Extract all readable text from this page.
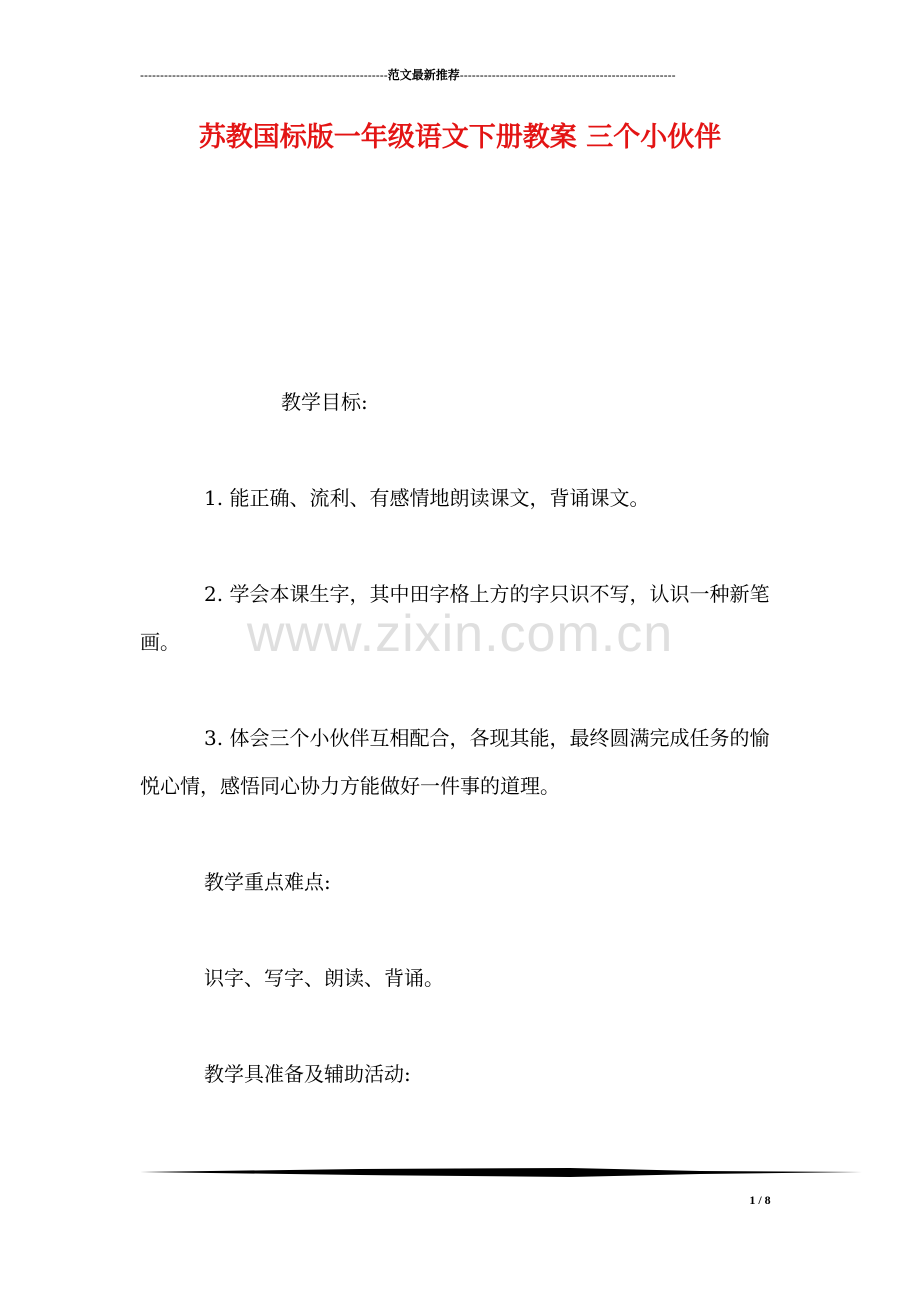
--------------------------------------------------------------范文最新推荐------------------------------------------------------
苏教国标版一年级语文下册教案 三个小伙伴
www.zixin.com.cn

教学目标:

1. 能正确、流利、有感情地朗读课文，背诵课文。

2. 学会本课生字，其中田字格上方的字只识不写，认识一种新笔画。

3. 体会三个小伙伴互相配合，各现其能，最终圆满完成任务的愉悦心情，感悟同心协力方能做好一件事的道理。

教学重点难点:

识字、写字、朗读、背诵。

教学具准备及辅助活动:

1 / 8
